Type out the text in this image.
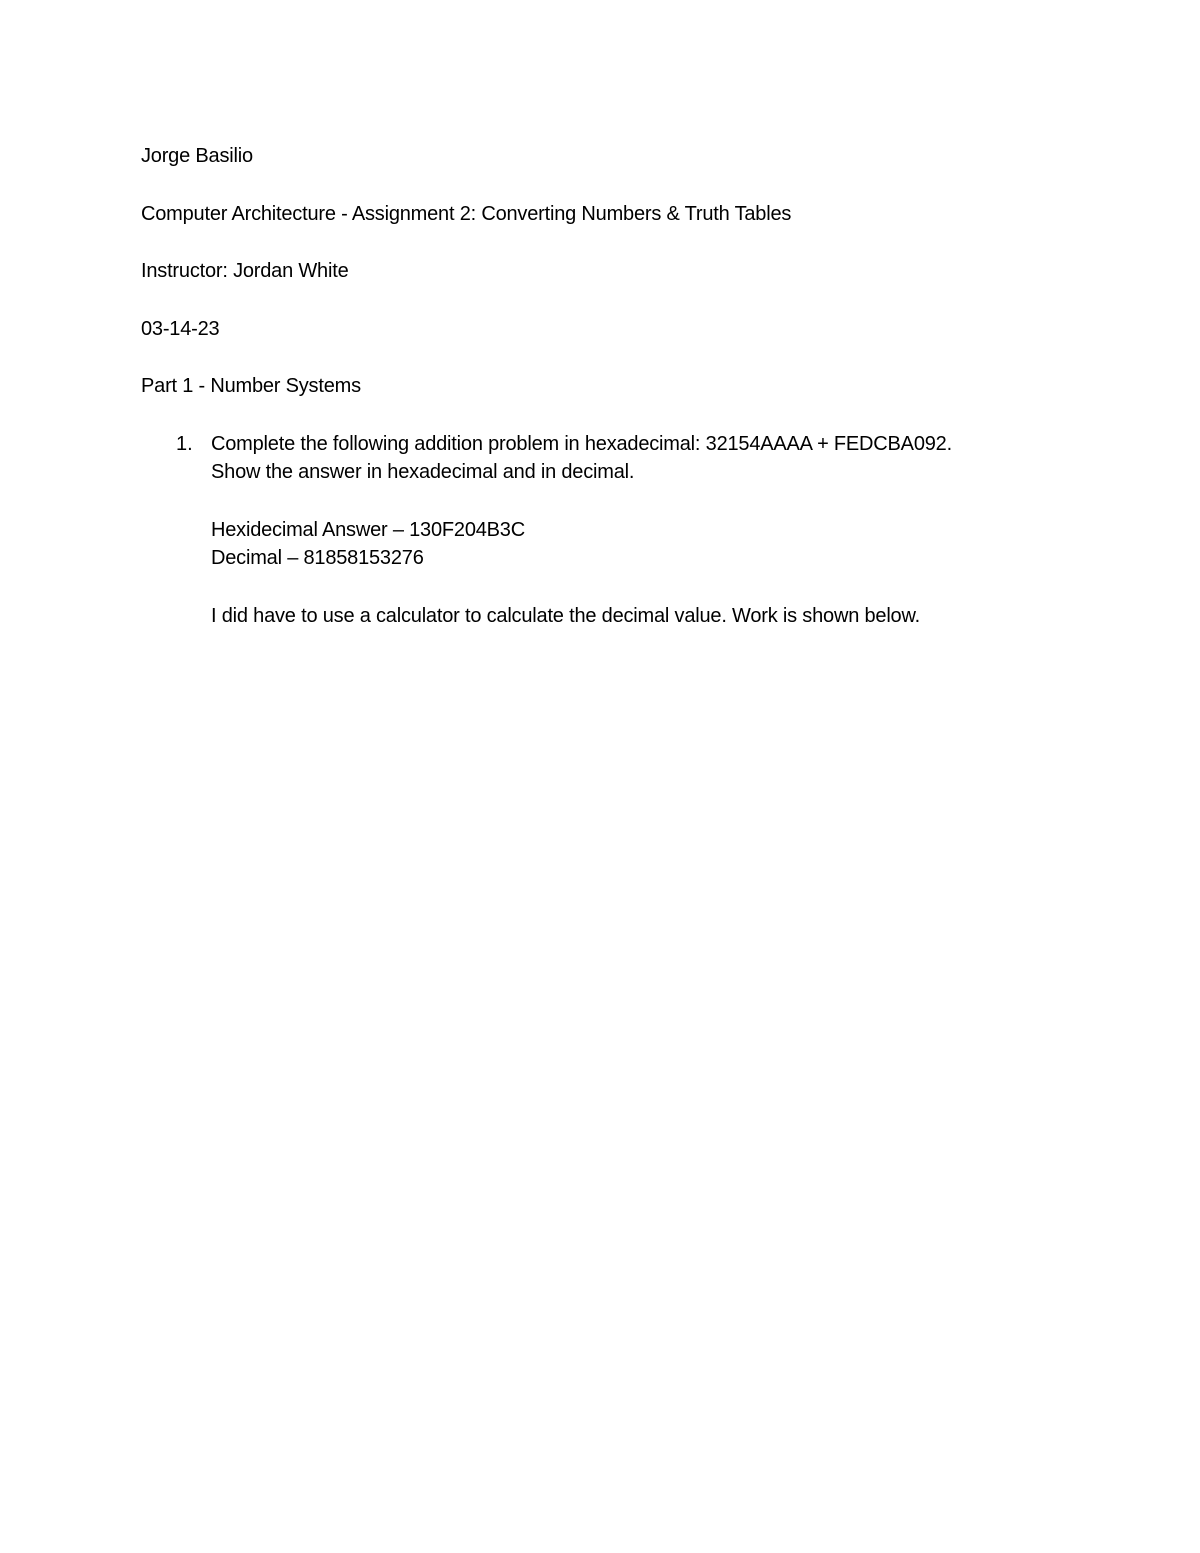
Jorge Basilio
Computer Architecture - Assignment 2: Converting Numbers & Truth Tables
Instructor: Jordan White
03-14-23
Part 1 - Number Systems
1. Complete the following addition problem in hexadecimal: 32154AAAA + FEDCBA092.
Show the answer in hexadecimal and in decimal.
Hexidecimal Answer – 130F204B3C
Decimal – 81858153276
I did have to use a calculator to calculate the decimal value. Work is shown below.
